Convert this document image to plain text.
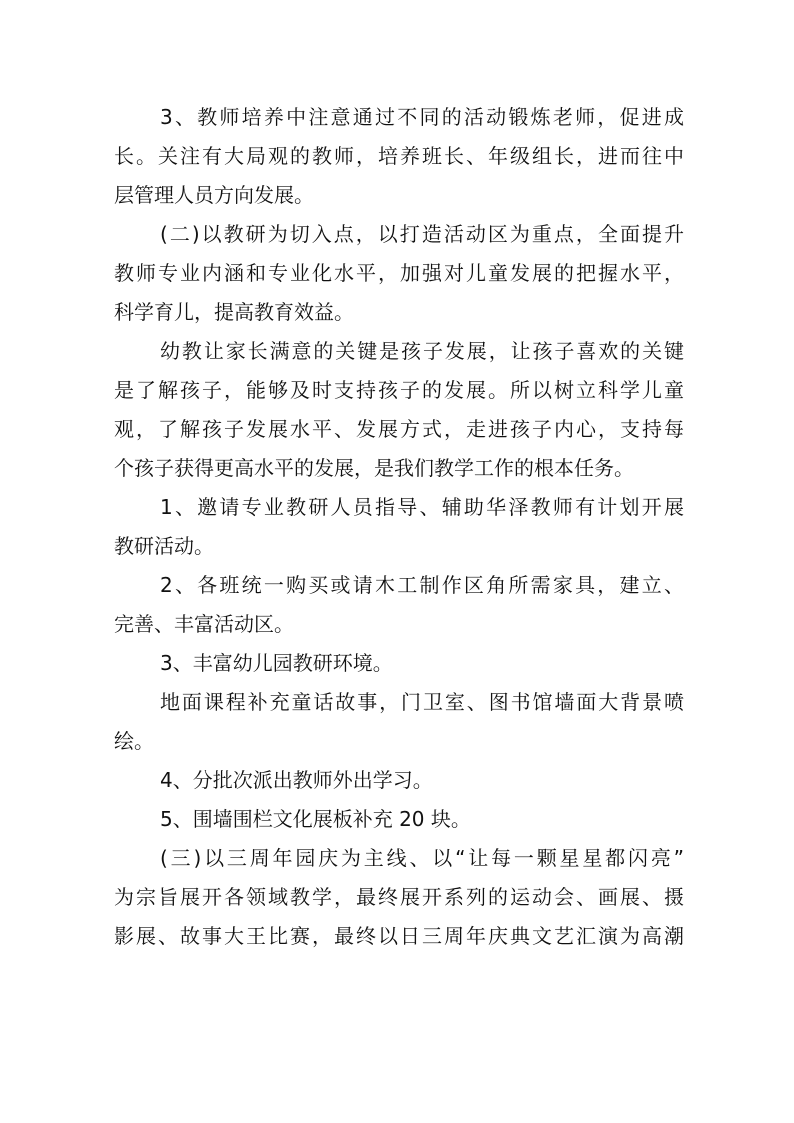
3、教师培养中注意通过不同的活动锻炼老师，促进成
长。关注有大局观的教师，培养班长、年级组长，进而往中
层管理人员方向发展。
(二)以教研为切入点，以打造活动区为重点，全面提升
教师专业内涵和专业化水平，加强对儿童发展的把握水平，
科学育儿，提高教育效益。
幼教让家长满意的关键是孩子发展，让孩子喜欢的关键
是了解孩子，能够及时支持孩子的发展。所以树立科学儿童
观，了解孩子发展水平、发展方式，走进孩子内心，支持每
个孩子获得更高水平的发展，是我们教学工作的根本任务。
1、邀请专业教研人员指导、辅助华泽教师有计划开展
教研活动。
2、各班统一购买或请木工制作区角所需家具，建立、
完善、丰富活动区。
3、丰富幼儿园教研环境。
地面课程补充童话故事，门卫室、图书馆墙面大背景喷
绘。
4、分批次派出教师外出学习。
5、围墙围栏文化展板补充 20 块。
(三)以三周年园庆为主线、以“让每一颗星星都闪亮”
为宗旨展开各领域教学，最终展开系列的运动会、画展、摄
影展、故事大王比赛，最终以日三周年庆典文艺汇演为高潮
